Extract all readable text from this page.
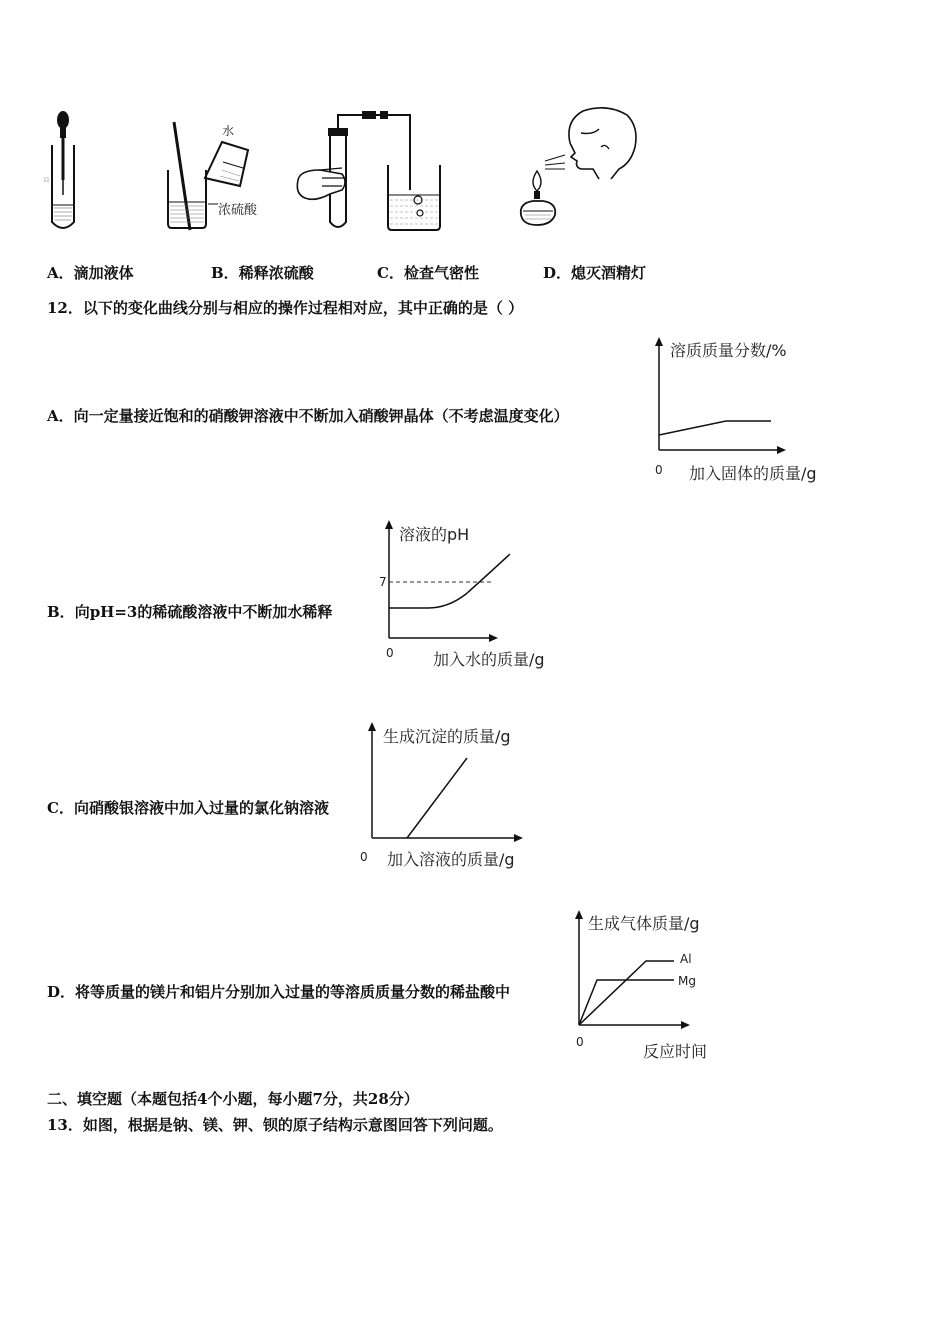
ℼ
水
浓硫酸
A．滴加液体	B．稀释浓硫酸	C．检查气密性	D．熄灭酒精灯
12．以下的变化曲线分别与相应的操作过程相对应，其中正确的是（ ）
A．向一定量接近饱和的硝酸钾溶液中不断加入硝酸钾晶体（不考虑温度变化）
溶质质量分数/%
加入固体的质量/g
0
B．向pH=3的稀硫酸溶液中不断加水稀释
溶液的pH
7
加入水的质量/g
0
C．向硝酸银溶液中加入过量的氯化钠溶液
生成沉淀的质量/g
加入溶液的质量/g
0
D．将等质量的镁片和铝片分别加入过量的等溶质质量分数的稀盐酸中
生成气体质量/g
Al
Mg
反应时间
0
二、填空题（本题包括4个小题，每小题7分，共28分）
13．如图，根据是钠、镁、钾、钡的原子结构示意图回答下列问题。
